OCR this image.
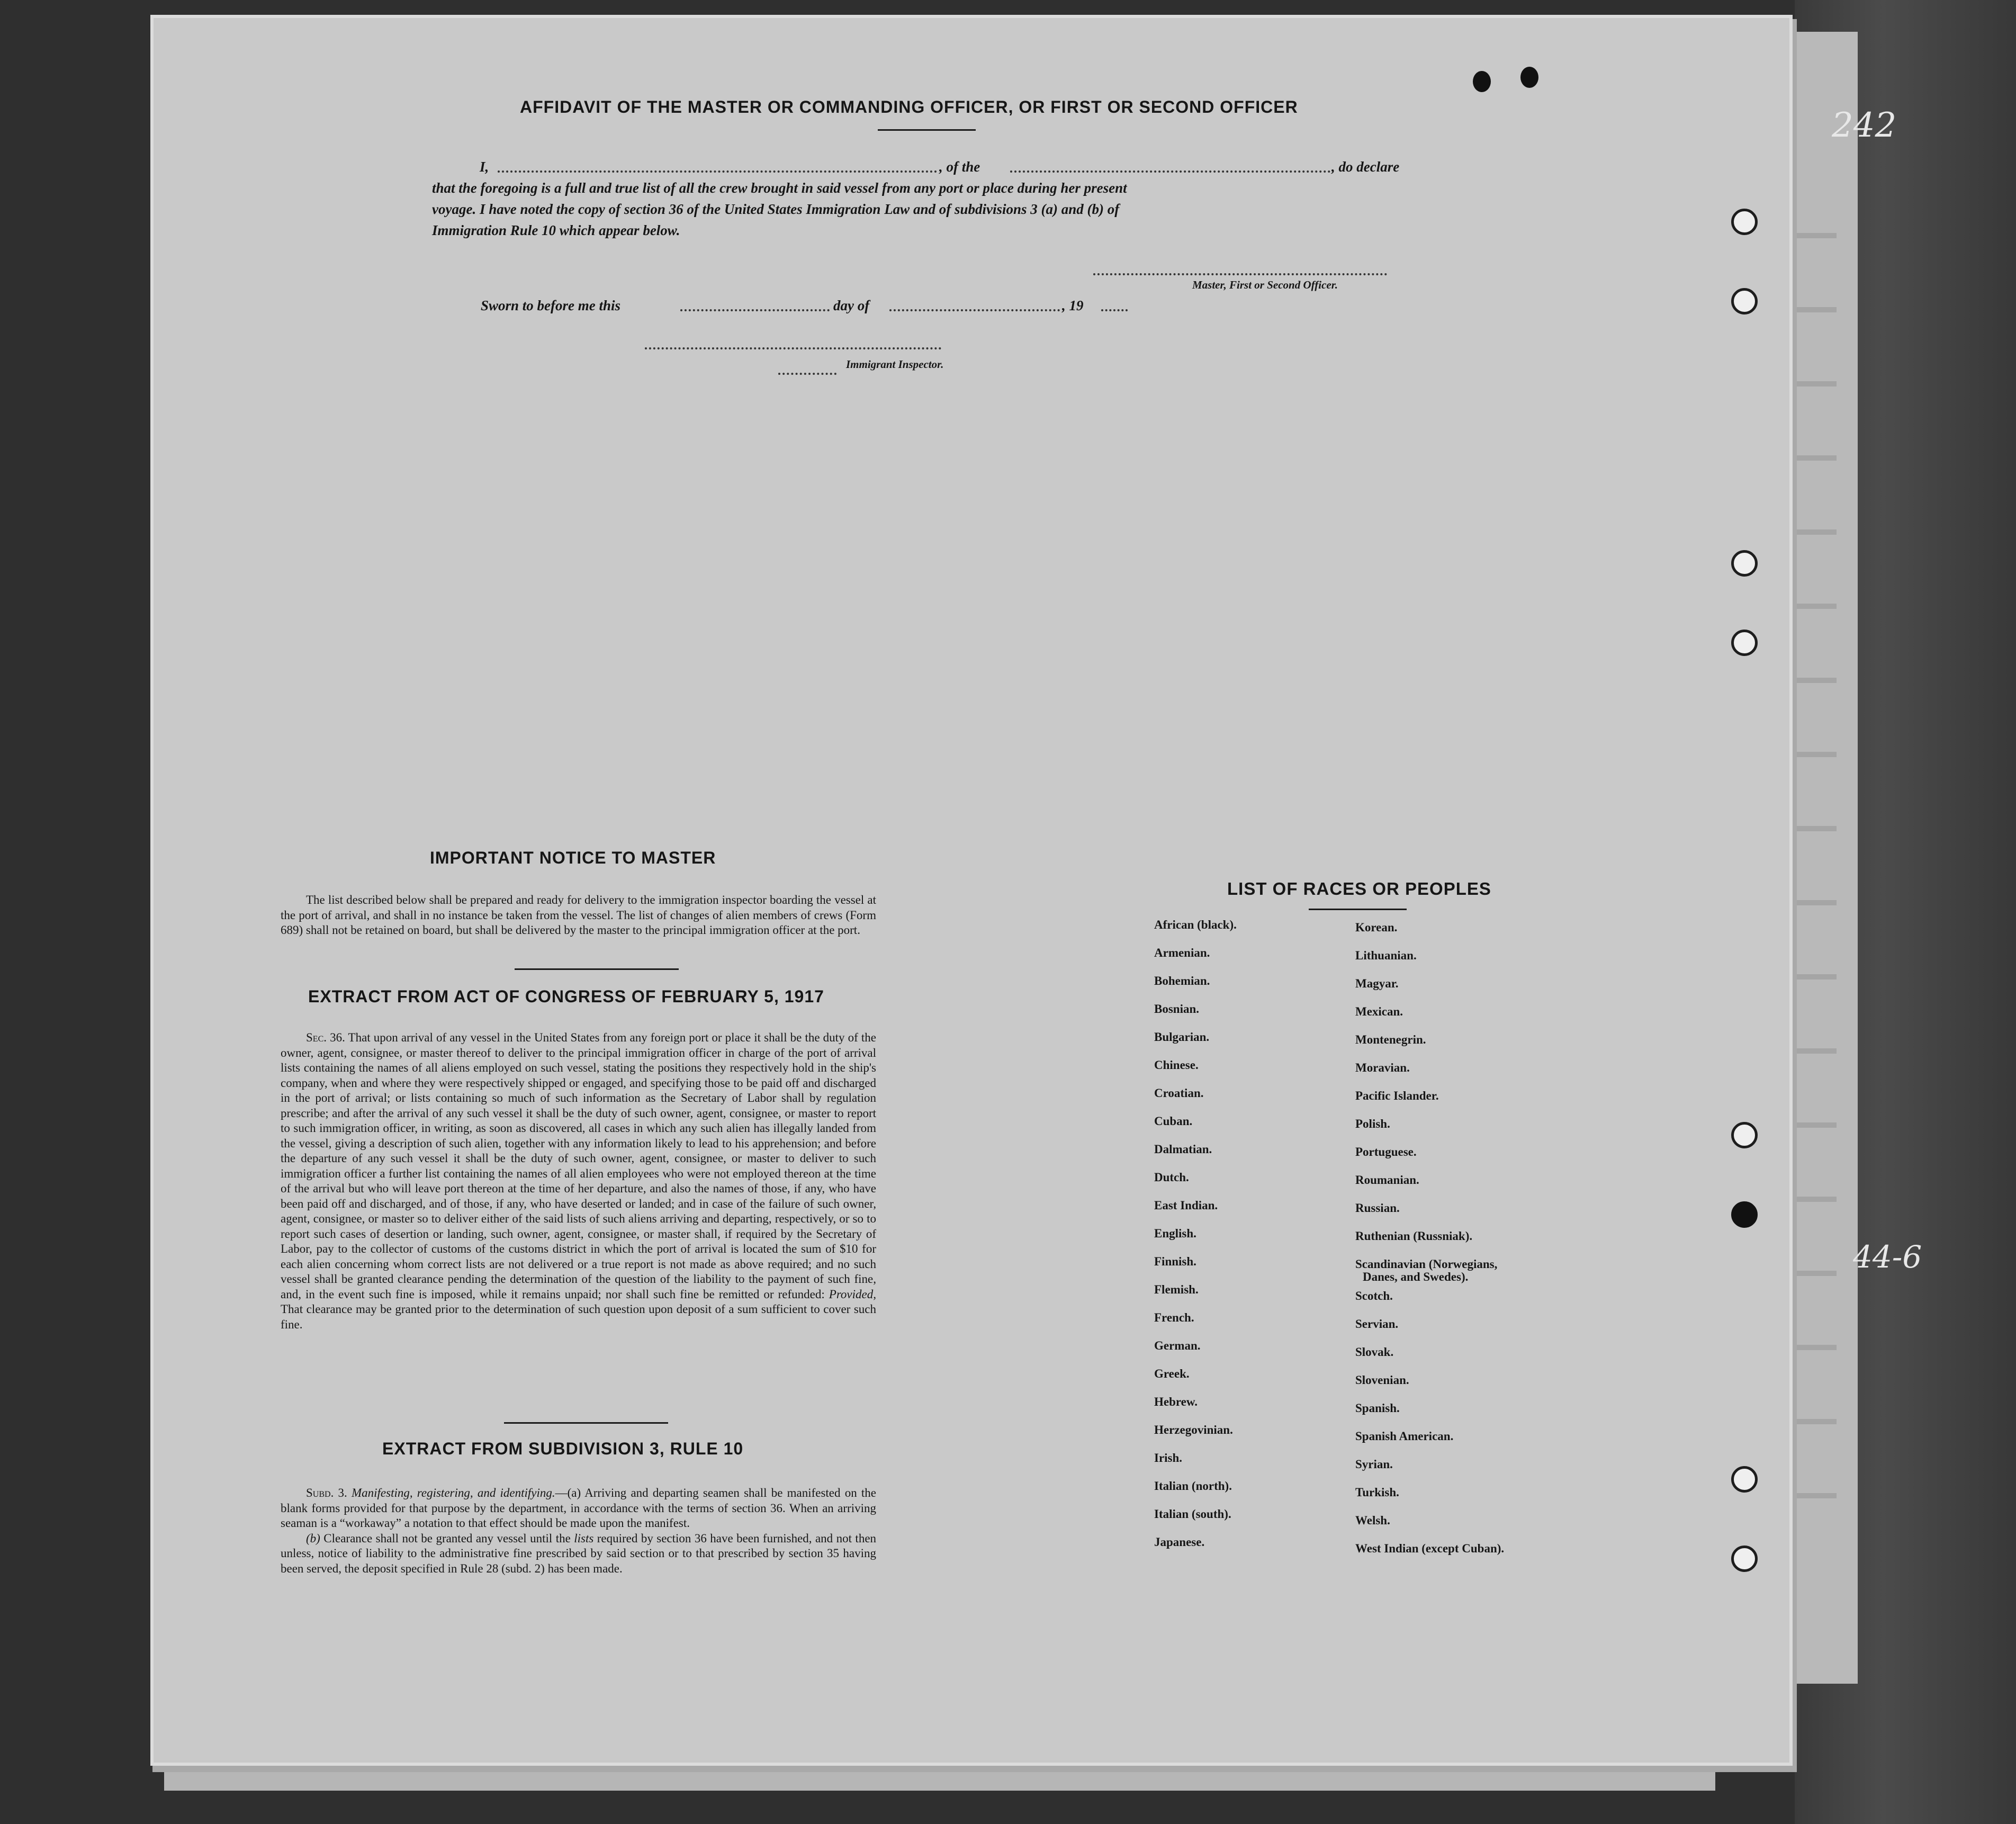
242
44-6
AFFIDAVIT OF THE MASTER OR COMMANDING OFFICER, OR FIRST OR SECOND OFFICER
I,	, of the	, do declare
that the foregoing is a full and true list of all the crew brought in said vessel from any port or place during her present
voyage. I have noted the copy of section 36 of the United States Immigration Law and of subdivisions 3 (a) and (b) of
Immigration Rule 10 which appear below.
Master, First or Second Officer.
Sworn to before me this	day of	, 19
Immigrant Inspector.
IMPORTANT NOTICE TO MASTER

The list described below shall be prepared and ready for delivery to the immigration inspector boarding the vessel at the port of arrival, and shall in no instance be taken from the vessel. The list of changes of alien members of crews (Form 689) shall not be retained on board, but shall be delivered by the master to the principal immigration officer at the port.

EXTRACT FROM ACT OF CONGRESS OF FEBRUARY 5, 1917

Sec. 36. That upon arrival of any vessel in the United States from any foreign port or place it shall be the duty of the owner, agent, consignee, or master thereof to deliver to the principal immigration officer in charge of the port of arrival lists containing the names of all aliens employed on such vessel, stating the positions they respectively hold in the ship's company, when and where they were respectively shipped or engaged, and specifying those to be paid off and discharged in the port of arrival; or lists containing so much of such information as the Secretary of Labor shall by regulation prescribe; and after the arrival of any such vessel it shall be the duty of such owner, agent, consignee, or master to report to such immigration officer, in writing, as soon as discovered, all cases in which any such alien has illegally landed from the vessel, giving a description of such alien, together with any information likely to lead to his apprehension; and before the departure of any such vessel it shall be the duty of such owner, agent, consignee, or master to deliver to such immigration officer a further list containing the names of all alien employees who were not employed thereon at the time of the arrival but who will leave port thereon at the time of her departure, and also the names of those, if any, who have been paid off and discharged, and of those, if any, who have deserted or landed; and in case of the failure of such owner, agent, consignee, or master so to deliver either of the said lists of such aliens arriving and departing, respectively, or so to report such cases of desertion or landing, such owner, agent, consignee, or master shall, if required by the Secretary of Labor, pay to the collector of customs of the customs district in which the port of arrival is located the sum of $10 for each alien concerning whom correct lists are not delivered or a true report is not made as above required; and no such vessel shall be granted clearance pending the determination of the question of the liability to the payment of such fine, and, in the event such fine is imposed, while it remains unpaid; nor shall such fine be remitted or refunded: Provided, That clearance may be granted prior to the determination of such question upon deposit of a sum sufficient to cover such fine.

EXTRACT FROM SUBDIVISION 3, RULE 10

Subd. 3. Manifesting, registering, and identifying.—(a) Arriving and departing seamen shall be manifested on the blank forms provided for that purpose by the department, in accordance with the terms of section 36. When an arriving seaman is a “workaway” a notation to that effect should be made upon the manifest.

(b) Clearance shall not be granted any vessel until the lists required by section 36 have been furnished, and not then unless, notice of liability to the administrative fine prescribed by said section or to that prescribed by section 35 having been served, the deposit specified in Rule 28 (subd. 2) has been made.

LIST OF RACES OR PEOPLES
African (black).
Armenian.
Bohemian.
Bosnian.
Bulgarian.
Chinese.
Croatian.
Cuban.
Dalmatian.
Dutch.
East Indian.
English.
Finnish.
Flemish.
French.
German.
Greek.
Hebrew.
Herzegovinian.
Irish.
Italian (north).
Italian (south).
Japanese.
Korean.
Lithuanian.
Magyar.
Mexican.
Montenegrin.
Moravian.
Pacific Islander.
Polish.
Portuguese.
Roumanian.
Russian.
Ruthenian (Russniak).
Scandinavian (Norwegians,
Danes, and Swedes).
Scotch.
Servian.
Slovak.
Slovenian.
Spanish.
Spanish American.
Syrian.
Turkish.
Welsh.
West Indian (except Cuban).
